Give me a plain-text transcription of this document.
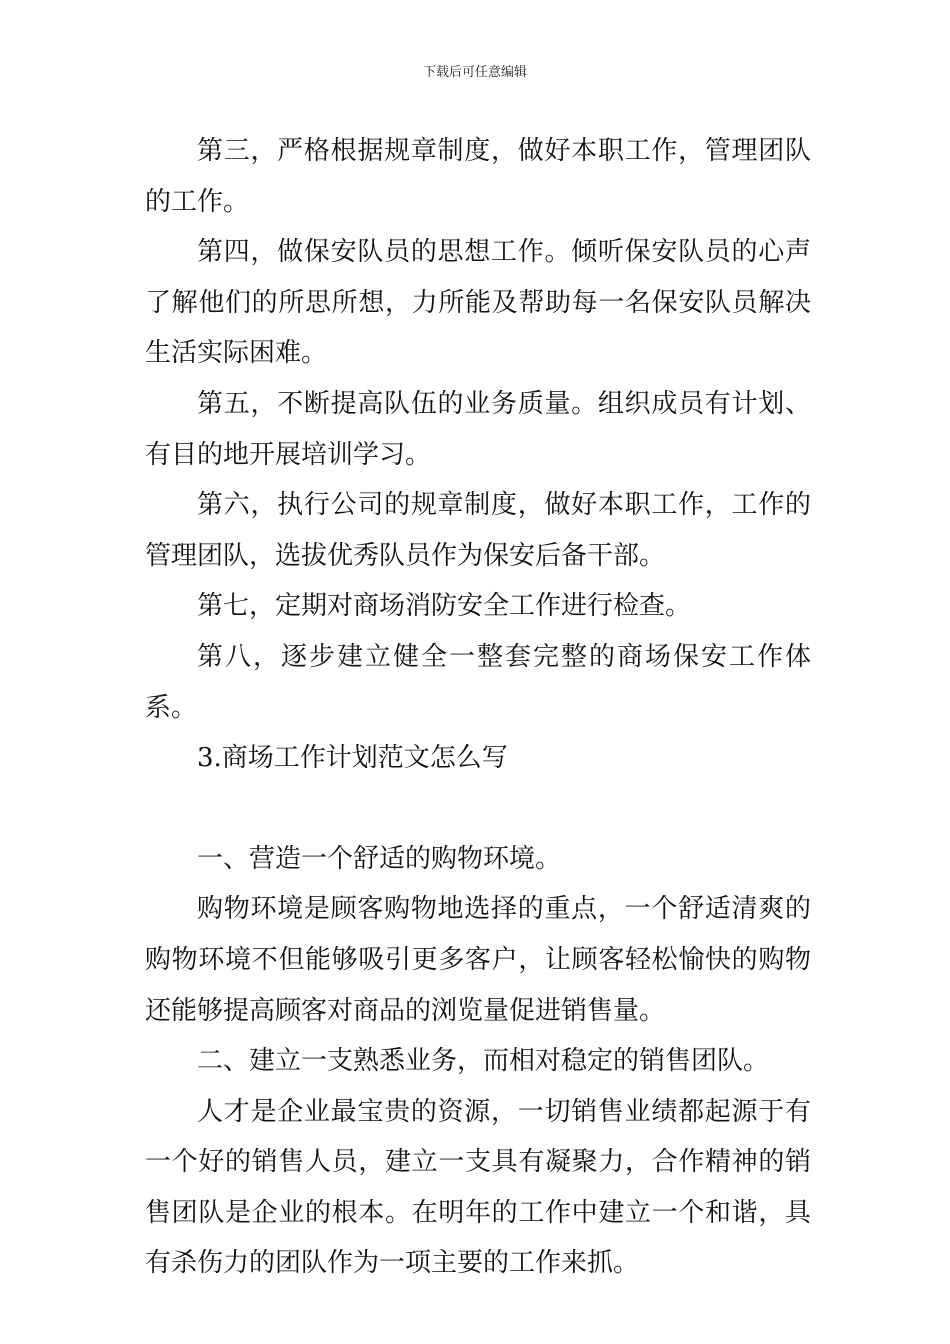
下载后可任意编辑

第三，严格根据规章制度，做好本职工作，管理团队的工作。

第四，做保安队员的思想工作。倾听保安队员的心声了解他们的所思所想，力所能及帮助每一名保安队员解决生活实际困难。

第五，不断提高队伍的业务质量。组织成员有计划、有目的地开展培训学习。

第六，执行公司的规章制度，做好本职工作，工作的管理团队，选拔优秀队员作为保安后备干部。

第七，定期对商场消防安全工作进行检查。

第八，逐步建立健全一整套完整的商场保安工作体系。

3.商场工作计划范文怎么写

一、营造一个舒适的购物环境。

购物环境是顾客购物地选择的重点，一个舒适清爽的购物环境不但能够吸引更多客户，让顾客轻松愉快的购物还能够提高顾客对商品的浏览量促进销售量。

二、建立一支熟悉业务，而相对稳定的销售团队。

人才是企业最宝贵的资源，一切销售业绩都起源于有一个好的销售人员，建立一支具有凝聚力，合作精神的销售团队是企业的根本。在明年的工作中建立一个和谐，具有杀伤力的团队作为一项主要的工作来抓。
